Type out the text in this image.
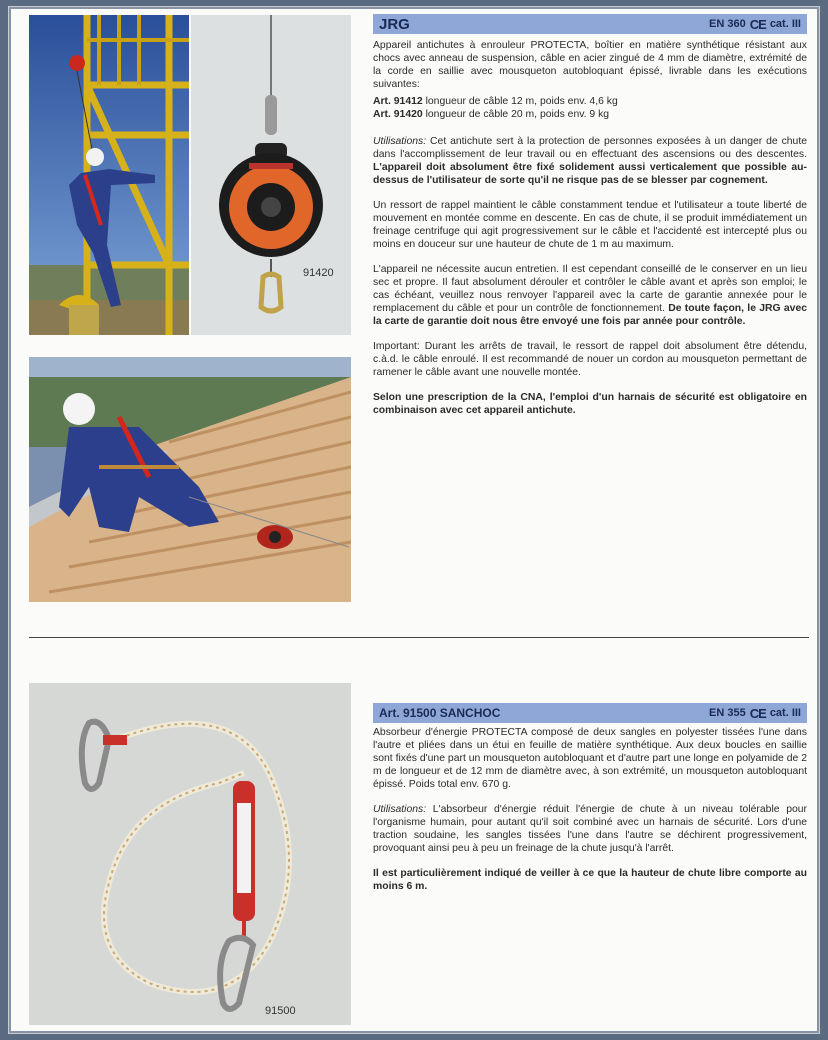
91420
JRG	EN 360 CE cat. III

Appareil antichutes à enrouleur PROTECTA, boîtier en matière synthétique résistant aux chocs avec anneau de suspension, câble en acier zingué de 4 mm de diamètre, extrémité de la corde en saillie avec mousqueton autobloquant épissé, livrable dans les exécutions suivantes:

Art. 91412 longueur de câble 12 m, poids env. 4,6 kg

Art. 91420 longueur de câble 20 m, poids env. 9 kg

Utilisations: Cet antichute sert à la protection de personnes exposées à un danger de chute dans l'accomplissement de leur travail ou en effectuant des ascensions ou des descentes. L'appareil doit absolument être fixé solidement aussi verticalement que possible au-dessus de l'utilisateur de sorte qu'il ne risque pas de se blesser par cognement.

Un ressort de rappel maintient le câble constamment tendue et l'utilisateur a toute liberté de mouvement en montée comme en descente. En cas de chute, il se produit immédiatement un freinage centrifuge qui agit progressivement sur le câble et l'accidenté est intercepté plus ou moins en douceur sur une hauteur de chute de 1 m au maximum.

L'appareil ne nécessite aucun entretien. Il est cependant conseillé de le conserver en un lieu sec et propre. Il faut absolument dérouler et contrôler le câble avant et après son emploi; le cas échéant, veuillez nous renvoyer l'appareil avec la carte de garantie annexée pour le remplacement du câble et pour un contrôle de fonctionnement. De toute façon, le JRG avec la carte de garantie doit nous être envoyé une fois par année pour contrôle.

Important: Durant les arrêts de travail, le ressort de rappel doit absolument être détendu, c.à.d. le câble enroulé. Il est recommandé de nouer un cordon au mousqueton permettant de ramener le câble avant une nouvelle montée.

Selon une prescription de la CNA, l'emploi d'un harnais de sécurité est obligatoire en combinaison avec cet appareil antichute.

91500
Art. 91500 SANCHOC	EN 355 CE cat. III

Absorbeur d'énergie PROTECTA composé de deux sangles en polyester tissées l'une dans l'autre et pliées dans un étui en feuille de matière synthétique. Aux deux boucles en saillie sont fixés d'une part un mousqueton autobloquant et d'autre part une longe en polyamide de 2 m de longueur et de 12 mm de diamètre avec, à son extrémité, un mousqueton autobloquant épissé. Poids total env. 670 g.

Utilisations: L'absorbeur d'énergie réduit l'énergie de chute à un niveau tolérable pour l'organisme humain, pour autant qu'il soit combiné avec un harnais de sécurité. Lors d'une traction soudaine, les sangles tissées l'une dans l'autre se déchirent progressivement, provoquant ainsi peu à peu un freinage de la chute jusqu'à l'arrêt.

Il est particulièrement indiqué de veiller à ce que la hauteur de chute libre comporte au moins 6 m.
